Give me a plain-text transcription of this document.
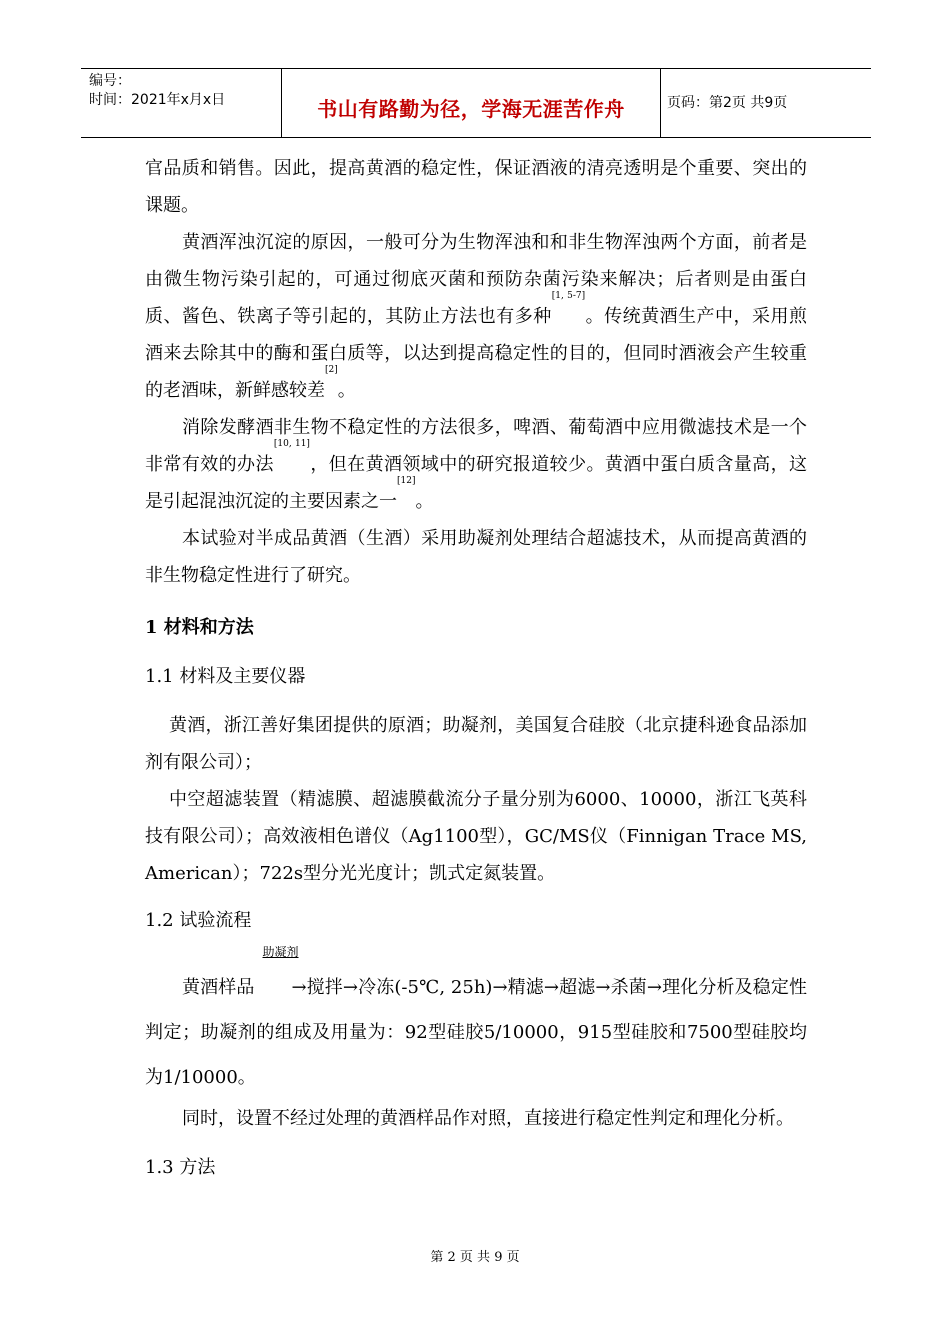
编号：
时间：2021年x月x日	书山有路勤为径，学海无涯苦作舟	页码：第2页 共9页

官品质和销售。因此，提高黄酒的稳定性，保证酒液的清亮透明是个重要、突出的课题。

黄酒浑浊沉淀的原因，一般可分为生物浑浊和和非生物浑浊两个方面，前者是由微生物污染引起的，可通过彻底灭菌和预防杂菌污染来解决；后者则是由蛋白质、酱色、铁离子等引起的，其防止方法也有多种[1, 5-7]。传统黄酒生产中，采用煎酒来去除其中的酶和蛋白质等，以达到提高稳定性的目的，但同时酒液会产生较重的老酒味，新鲜感较差[2]。

消除发酵酒非生物不稳定性的方法很多，啤酒、葡萄酒中应用微滤技术是一个非常有效的办法[10, 11]，但在黄酒领域中的研究报道较少。黄酒中蛋白质含量高，这是引起混浊沉淀的主要因素之一[12]。

本试验对半成品黄酒（生酒）采用助凝剂处理结合超滤技术，从而提高黄酒的非生物稳定性进行了研究。

1 材料和方法
1.1 材料及主要仪器

黄酒，浙江善好集团提供的原酒；助凝剂，美国复合硅胶（北京捷科逊食品添加剂有限公司）；

中空超滤装置（精滤膜、超滤膜截流分子量分别为6000、10000，浙江飞英科技有限公司）；高效液相色谱仪（Ag1100型），GC/MS仪（Finnigan Trace MS, American）；722s型分光光度计；凯式定氮装置。

1.2 试验流程

黄酒样品
助凝剂
→搅拌→冷冻(-5℃, 25h)→精滤→超滤→杀菌→理化分析及稳定性判定；助凝剂的组成及用量为：92型硅胶5/10000，915型硅胶和7500型硅胶均为1/10000。

同时，设置不经过处理的黄酒样品作对照，直接进行稳定性判定和理化分析。

1.3 方法
第 2 页 共 9 页
